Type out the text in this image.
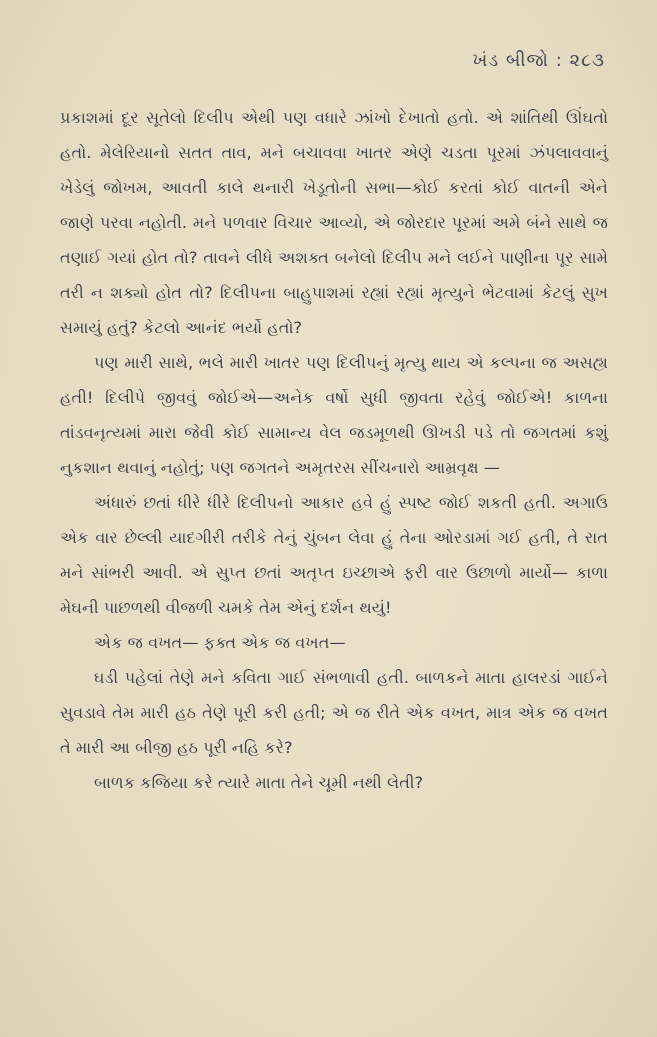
ખંડ બીજો : ૨૮૩

પ્રકાશમાં દૂર સૂતેલો દિલીપ એથી પણ વધારે ઝાંખો દેખાતો હતો. એ શાંતિથી ઊંઘતો હતો. મેલેરિયાનો સતત તાવ, મને બચાવવા ખાતર એણે ચડતા પૂરમાં ઝંપલાવવાનું ખેડેલું જોખમ, આવતી કાલે થનારી ખેડૂતોની સભા—કોઈ કરતાં કોઈ વાતની એને જાણે પરવા નહોતી. મને પળવાર વિચાર આવ્યો, એ જોરદાર પૂરમાં અમે બંને સાથે જ તણાઈ ગયાં હોત તો? તાવને લીધે અશક્ત બનેલો દિલીપ મને લઈને પાણીના પૂર સામે તરી ન શક્યો હોત તો? દિલીપના બાહુપાશમાં રહ્યાં રહ્યાં મૃત્યુને ભેટવામાં કેટલું સુખ સમાયું હતું? કેટલો આનંદ ભર્યો હતો?

પણ મારી સાથે, ભલે મારી ખાતર પણ દિલીપનું મૃત્યુ થાય એ કલ્પના જ અસહ્ય હતી! દિલીપે જીવવું જોઈએ—અનેક વર્ષો સુધી જીવતા રહેવું જોઈએ! કાળના તાંડવનૃત્યમાં મારા જેવી કોઈ સામાન્ય વેલ જડમૂળથી ઊખડી પડે તો જગતમાં કશું નુકશાન થવાનું નહોતું; પણ જગતને અમૃતરસ સીંચનારો આમ્રવૃક્ષ —

અંધારું છતાં ધીરે ધીરે દિલીપનો આકાર હવે હું સ્પષ્ટ જોઈ શકતી હતી. અગાઉ એક વાર છેલ્લી યાદગીરી તરીકે તેનું ચુંબન લેવા હું તેના ઓરડામાં ગઈ હતી, તે રાત મને સાંભરી આવી. એ સુપ્ત છતાં અતૃપ્ત ઇચ્છાએ ફરી વાર ઉછાળો માર્યો— કાળા મેઘની પાછળથી વીજળી ચમકે તેમ એનું દર્શન થયું!

એક જ વખત— ફક્ત એક જ વખત—

ઘડી પહેલાં તેણે મને કવિતા ગાઈ સંભળાવી હતી. બાળકને માતા હાલરડાં ગાઈને સુવડાવે તેમ મારી હઠ તેણે પૂરી કરી હતી; એ જ રીતે એક વખત, માત્ર એક જ વખત તે મારી આ બીજી હઠ પૂરી નહિ કરે?

બાળક કજિયા કરે ત્યારે માતા તેને ચૂમી નથી લેતી?
